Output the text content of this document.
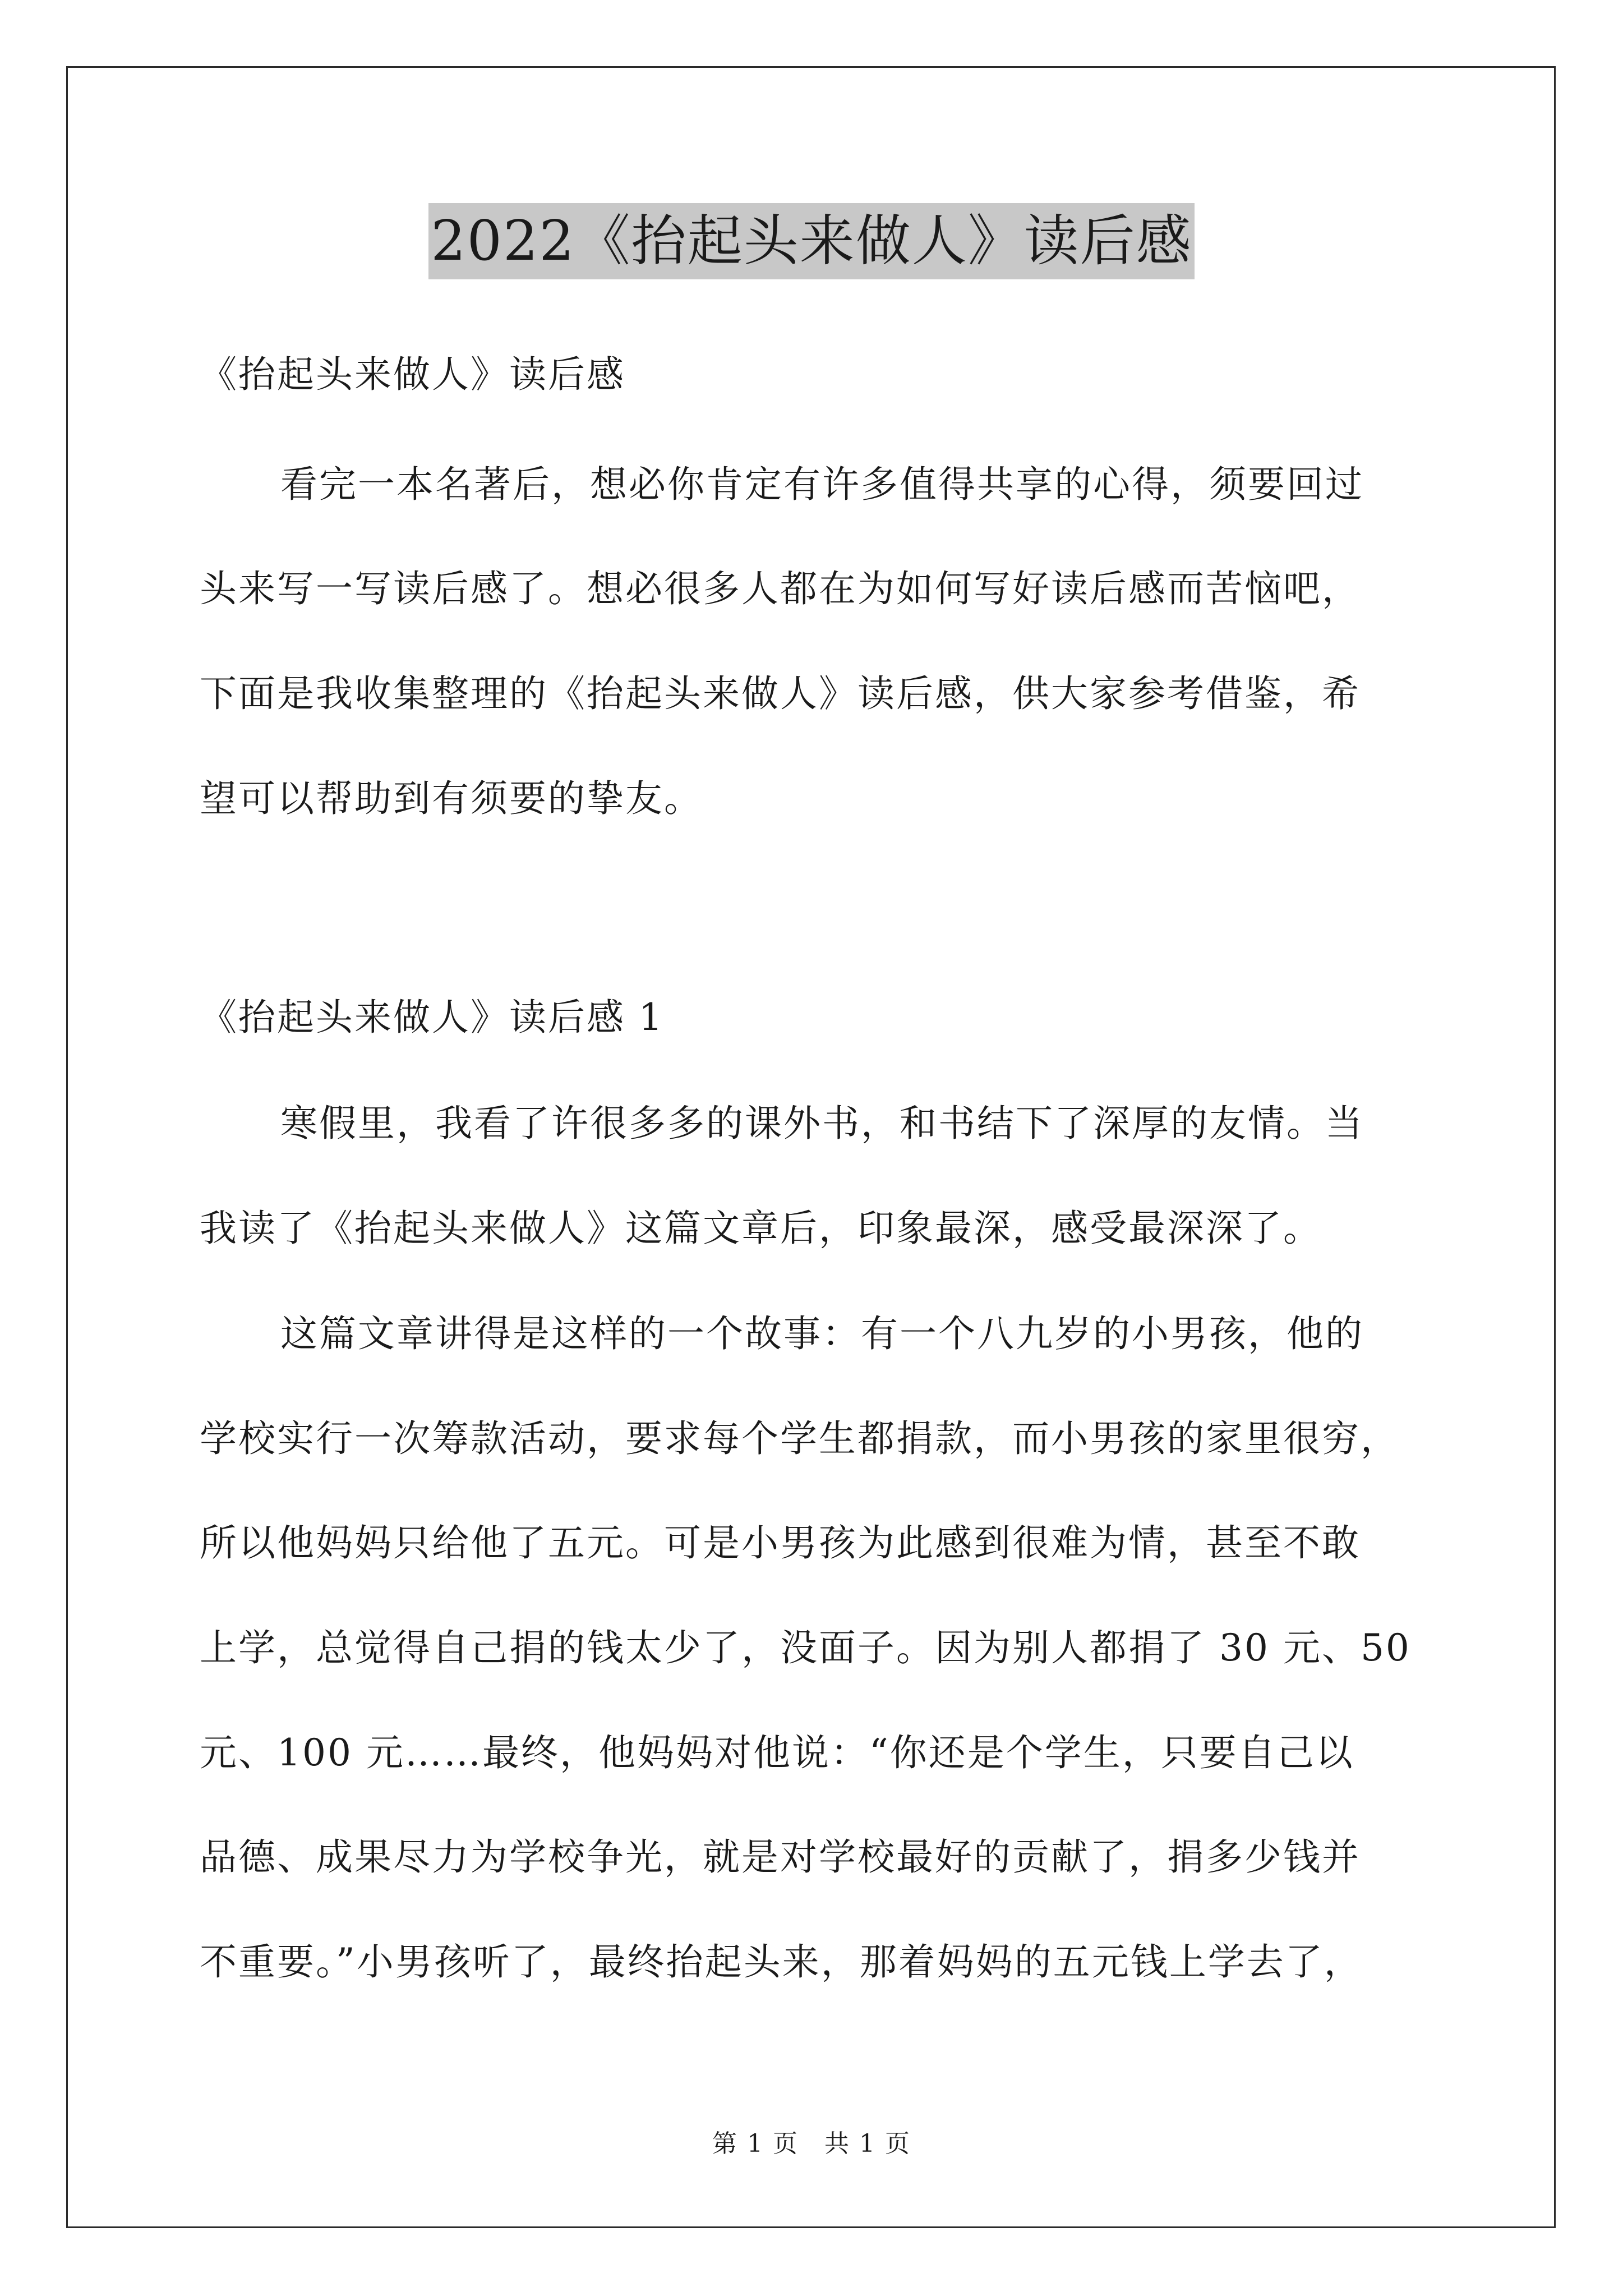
2022《抬起头来做人》读后感
《抬起头来做人》读后感
看完一本名著后，想必你肯定有许多值得共享的心得，须要回过
头来写一写读后感了。想必很多人都在为如何写好读后感而苦恼吧，
下面是我收集整理的《抬起头来做人》读后感，供大家参考借鉴，希
望可以帮助到有须要的挚友。
《抬起头来做人》读后感 1
寒假里，我看了许很多多的课外书，和书结下了深厚的友情。当
我读了《抬起头来做人》这篇文章后，印象最深，感受最深深了。
这篇文章讲得是这样的一个故事：有一个八九岁的小男孩，他的
学校实行一次筹款活动，要求每个学生都捐款，而小男孩的家里很穷，
所以他妈妈只给他了五元。可是小男孩为此感到很难为情，甚至不敢
上学，总觉得自己捐的钱太少了，没面子。因为别人都捐了 30 元、50
元、100 元……最终，他妈妈对他说：“你还是个学生，只要自己以
品德、成果尽力为学校争光，就是对学校最好的贡献了，捐多少钱并
不重要。”小男孩听了，最终抬起头来，那着妈妈的五元钱上学去了，
第 1 页　共 1 页
